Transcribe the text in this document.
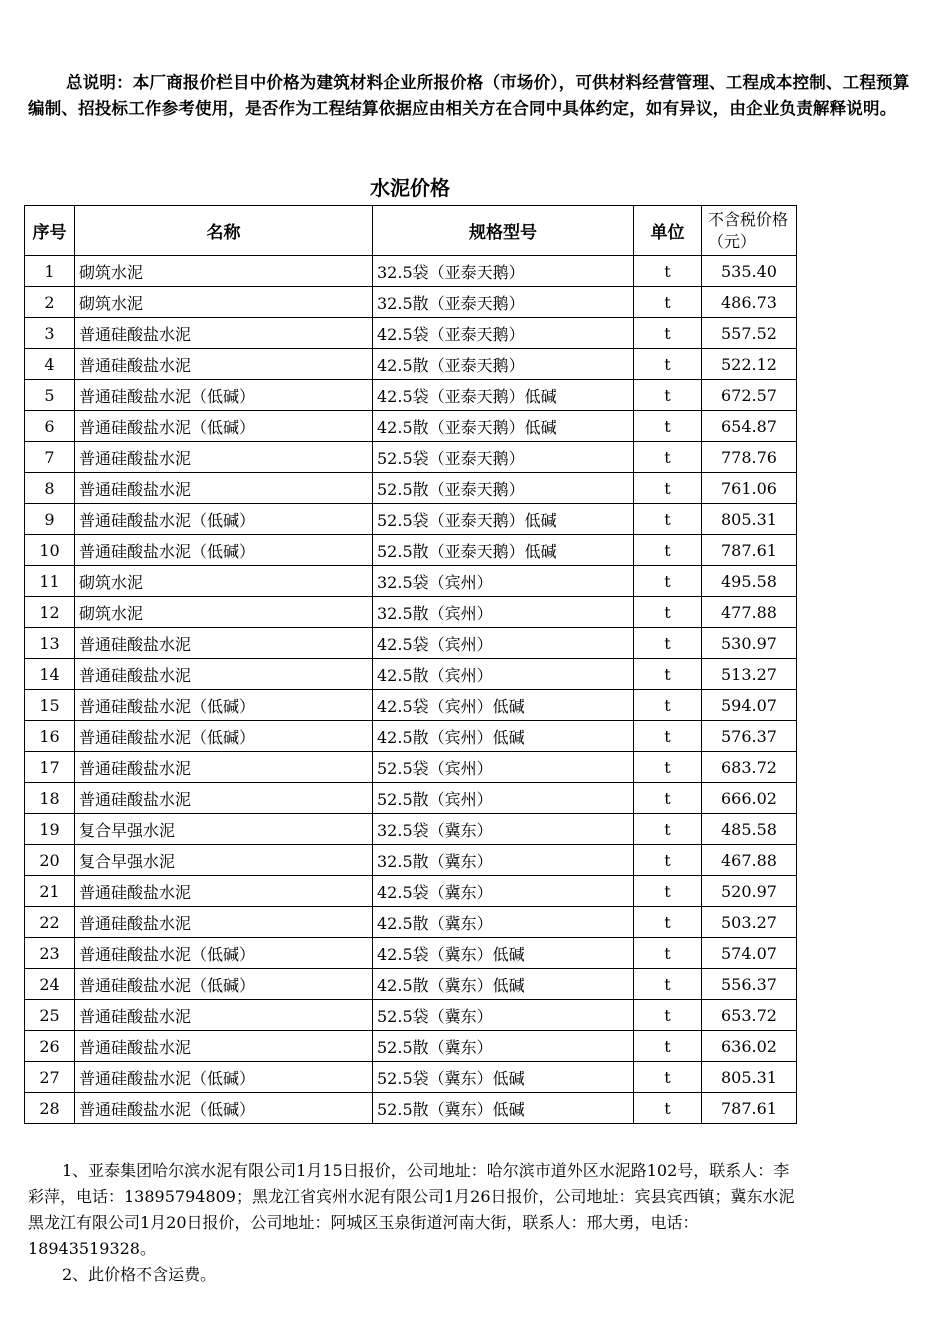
总说明：本厂商报价栏目中价格为建筑材料企业所报价格（市场价），可供材料经营管理、工程成本控制、工程预算编制、招投标工作参考使用，是否作为工程结算依据应由相关方在合同中具体约定，如有异议，由企业负责解释说明。

水泥价格
序号	名称	规格型号	单位	不含税价格（元）
1	砌筑水泥	32.5袋（亚泰天鹅）	t	535.40
2	砌筑水泥	32.5散（亚泰天鹅）	t	486.73
3	普通硅酸盐水泥	42.5袋（亚泰天鹅）	t	557.52
4	普通硅酸盐水泥	42.5散（亚泰天鹅）	t	522.12
5	普通硅酸盐水泥（低碱）	42.5袋（亚泰天鹅）低碱	t	672.57
6	普通硅酸盐水泥（低碱）	42.5散（亚泰天鹅）低碱	t	654.87
7	普通硅酸盐水泥	52.5袋（亚泰天鹅）	t	778.76
8	普通硅酸盐水泥	52.5散（亚泰天鹅）	t	761.06
9	普通硅酸盐水泥（低碱）	52.5袋（亚泰天鹅）低碱	t	805.31
10	普通硅酸盐水泥（低碱）	52.5散（亚泰天鹅）低碱	t	787.61
11	砌筑水泥	32.5袋（宾州）	t	495.58
12	砌筑水泥	32.5散（宾州）	t	477.88
13	普通硅酸盐水泥	42.5袋（宾州）	t	530.97
14	普通硅酸盐水泥	42.5散（宾州）	t	513.27
15	普通硅酸盐水泥（低碱）	42.5袋（宾州）低碱	t	594.07
16	普通硅酸盐水泥（低碱）	42.5散（宾州）低碱	t	576.37
17	普通硅酸盐水泥	52.5袋（宾州）	t	683.72
18	普通硅酸盐水泥	52.5散（宾州）	t	666.02
19	复合早强水泥	32.5袋（冀东）	t	485.58
20	复合早强水泥	32.5散（冀东）	t	467.88
21	普通硅酸盐水泥	42.5袋（冀东）	t	520.97
22	普通硅酸盐水泥	42.5散（冀东）	t	503.27
23	普通硅酸盐水泥（低碱）	42.5袋（冀东）低碱	t	574.07
24	普通硅酸盐水泥（低碱）	42.5散（冀东）低碱	t	556.37
25	普通硅酸盐水泥	52.5袋（冀东）	t	653.72
26	普通硅酸盐水泥	52.5散（冀东）	t	636.02
27	普通硅酸盐水泥（低碱）	52.5袋（冀东）低碱	t	805.31
28	普通硅酸盐水泥（低碱）	52.5散（冀东）低碱	t	787.61

1、亚泰集团哈尔滨水泥有限公司1月15日报价，公司地址：哈尔滨市道外区水泥路102号，联系人：李彩萍，电话：13895794809；黑龙江省宾州水泥有限公司1月26日报价，公司地址：宾县宾西镇；冀东水泥黑龙江有限公司1月20日报价，公司地址：阿城区玉泉街道河南大街，联系人：邢大勇，电话：18943519328。

2、此价格不含运费。
